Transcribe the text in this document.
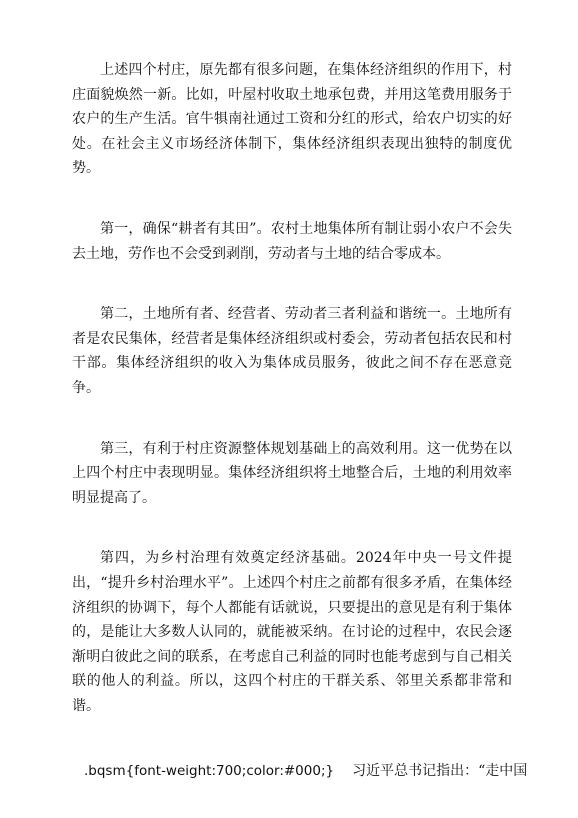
上述四个村庄，原先都有很多问题，在集体经济组织的作用下，村庄面貌焕然一新。比如，叶屋村收取土地承包费，并用这笔费用服务于农户的生产生活。官牛犋南社通过工资和分红的形式，给农户切实的好处。在社会主义市场经济体制下，集体经济组织表现出独特的制度优势。

第一，确保“耕者有其田”。农村土地集体所有制让弱小农户不会失去土地，劳作也不会受到剥削，劳动者与土地的结合零成本。

第二，土地所有者、经营者、劳动者三者利益和谐统一。土地所有者是农民集体，经营者是集体经济组织或村委会，劳动者包括农民和村干部。集体经济组织的收入为集体成员服务，彼此之间不存在恶意竞争。

第三，有利于村庄资源整体规划基础上的高效利用。这一优势在以上四个村庄中表现明显。集体经济组织将土地整合后，土地的利用效率明显提高了。

第四，为乡村治理有效奠定经济基础。2024年中央一号文件提出，“提升乡村治理水平”。上述四个村庄之前都有很多矛盾，在集体经济组织的协调下，每个人都能有话就说，只要提出的意见是有利于集体的，是能让大多数人认同的，就能被采纳。在讨论的过程中，农民会逐渐明白彼此之间的联系，在考虑自己利益的同时也能考虑到与自己相关联的他人的利益。所以，这四个村庄的干群关系、邻里关系都非常和谐。

.bqsm{font-weight:700;color:#000;} 习近平总书记指出：“走中国
